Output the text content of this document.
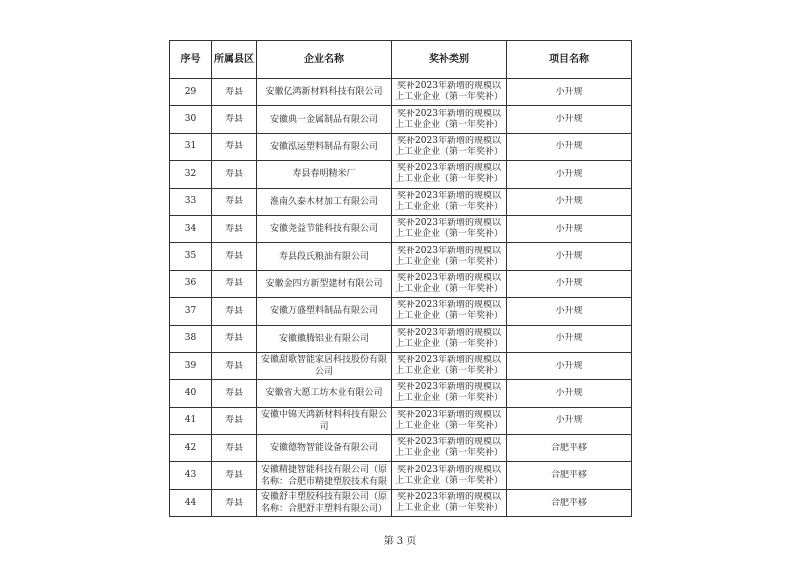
序号	所属县区	企业名称	奖补类别	项目名称

29	寿县	安徽亿鸿新材料科技有限公司	奖补2023年新增的规模以上工业企业（第一年奖补）	小升规

30	寿县	安徽典一金属制品有限公司	奖补2023年新增的规模以上工业企业（第一年奖补）	小升规

31	寿县	安徽泓运塑料制品有限公司	奖补2023年新增的规模以上工业企业（第一年奖补）	小升规

32	寿县	寿县春明精米厂	奖补2023年新增的规模以上工业企业（第一年奖补）	小升规

33	寿县	淮南久泰木材加工有限公司	奖补2023年新增的规模以上工业企业（第一年奖补）	小升规

34	寿县	安徽尧益节能科技有限公司	奖补2023年新增的规模以上工业企业（第一年奖补）	小升规

35	寿县	寿县段氏粮油有限公司	奖补2023年新增的规模以上工业企业（第一年奖补）	小升规

36	寿县	安徽金四方新型建材有限公司	奖补2023年新增的规模以上工业企业（第一年奖补）	小升规

37	寿县	安徽万盛塑料制品有限公司	奖补2023年新增的规模以上工业企业（第一年奖补）	小升规

38	寿县	安徽徽腾铝业有限公司	奖补2023年新增的规模以上工业企业（第一年奖补）	小升规

39	寿县	安徽甜歌智能家居科技股份有限公司	奖补2023年新增的规模以上工业企业（第一年奖补）	小升规

40	寿县	安徽省大愿工坊木业有限公司	奖补2023年新增的规模以上工业企业（第一年奖补）	小升规

41	寿县	安徽中锦天鸿新材料科技有限公司	奖补2023年新增的规模以上工业企业（第一年奖补）	小升规

42	寿县	安徽德物智能设备有限公司	奖补2023年新增的规模以上工业企业（第一年奖补）	合肥平移

43	寿县	安徽精捷智能科技有限公司（原名称：合肥市精捷塑胶技术有限	奖补2023年新增的规模以上工业企业（第一年奖补）	合肥平移

44	寿县	安徽舒丰塑胶科技有限公司（原名称：合肥舒丰塑料有限公司）	奖补2023年新增的规模以上工业企业（第一年奖补）	合肥平移
第 3 页
